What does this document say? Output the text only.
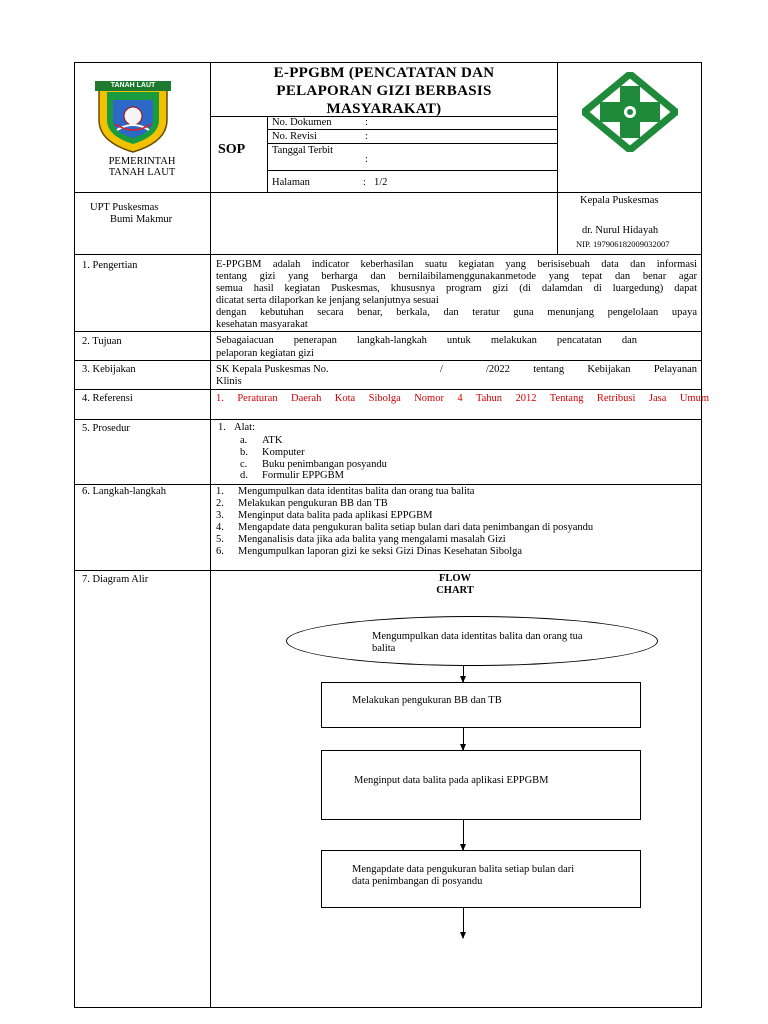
TANAH LAUT
PEMERINTAH
TANAH LAUT
E-PPGBM (PENCATATAN DAN
PELAPORAN GIZI BERBASIS
MASYARAKAT)
SOP
No. Dokumen	:
No. Revisi	:
Tanggal Terbit
:
Halaman	: 1/2
UPT Puskesmas
Bumi Makmur
Kepala Puskesmas
dr. Nurul Hidayah
NIP. 197906182009032007
1. Pengertian	E-PPGBM adalah indicator keberhasilan suatu kegiatan yang berisisebuah data dan informasi
tentang gizi yang berharga dan bernilaibilamenggunakanmetode yang tepat dan benar agar
semua hasil kegiatan Puskesmas, khususnya program gizi (di dalamdan di luargedung) dapat
dicatat serta dilaporkan ke jenjang selanjutnya sesuai
dengan kebutuhan secara benar, berkala, dan teratur guna menunjang pengelolaan upaya
kesehatan masyarakat
2. Tujuan	Sebagaiacuan penerapan langkah-langkah untuk melakukan pencatatan dan
pelaporan kegiatan gizi
3. Kebijakan	SK Kepala Puskesmas No.	/	/2022 tentang Kebijakan Pelayanan
Klinis
4. Referensi	1. Peraturan Daerah Kota Sibolga Nomor 4 Tahun 2012 Tentang Retribusi Jasa Umum
5. Prosedur	1. Alat:
a. ATK
b. Komputer
c. Buku penimbangan posyandu
d. Formulir EPPGBM
6. Langkah-langkah	1. Mengumpulkan data identitas balita dan orang tua balita
2. Melakukan pengukuran BB dan TB
3. Menginput data balita pada aplikasi EPPGBM
4. Mengapdate data pengukuran balita setiap bulan dari data penimbangan di posyandu
5. Menganalisis data jika ada balita yang mengalami masalah Gizi
6. Mengumpulkan laporan gizi ke seksi Gizi Dinas Kesehatan Sibolga
7. Diagram Alir	FLOW
CHART
Mengumpulkan data identitas balita dan orang tua
balita
Melakukan pengukuran BB dan TB
Menginput data balita pada aplikasi EPPGBM
Mengapdate data pengukuran balita setiap bulan dari
data penimbangan di posyandu
